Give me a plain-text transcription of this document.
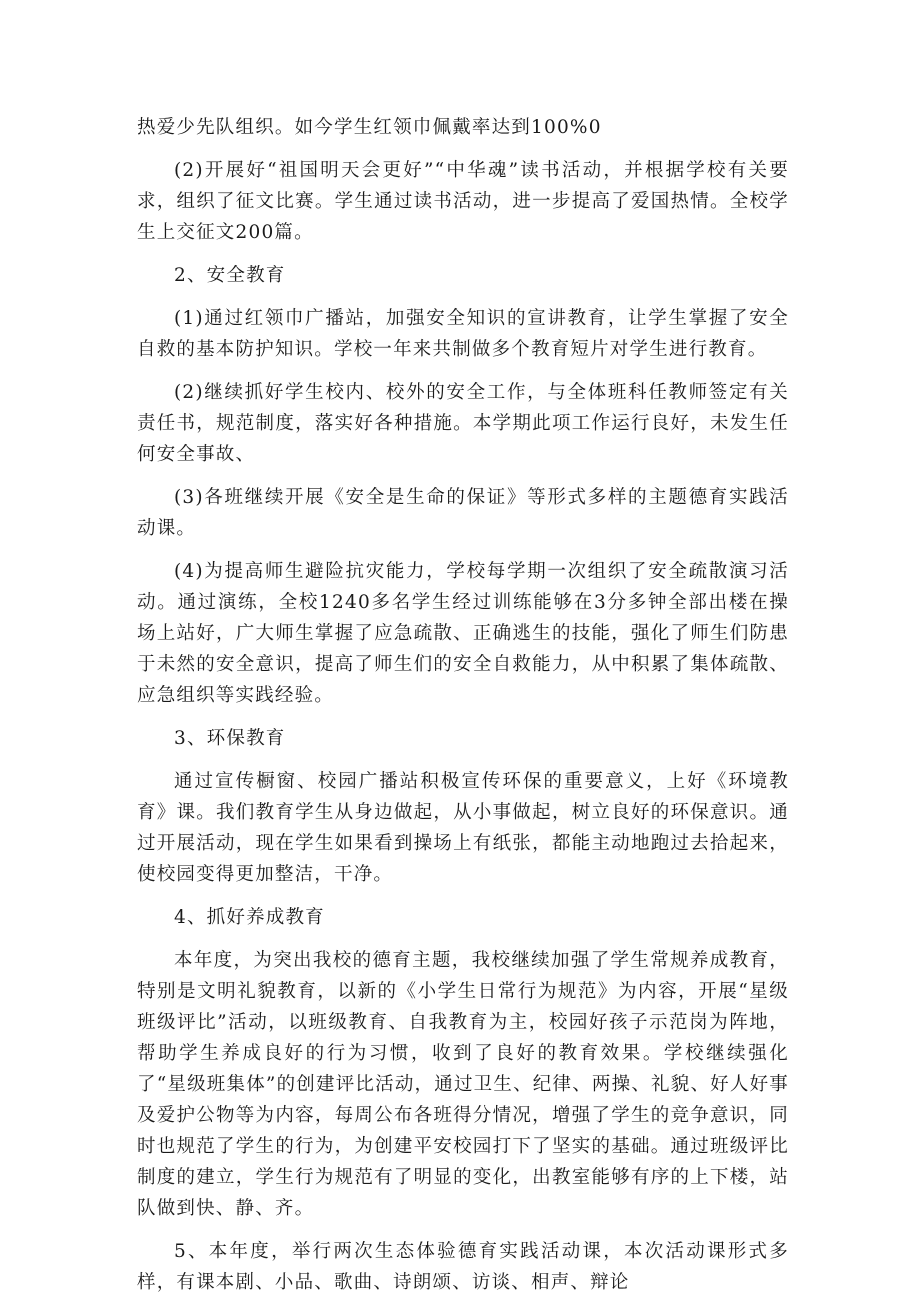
热爱少先队组织。如今学生红领巾佩戴率达到100%0

(2)开展好“祖国明天会更好”“中华魂”读书活动，并根据学校有关要求，组织了征文比赛。学生通过读书活动，进一步提高了爱国热情。全校学生上交征文200篇。

2、安全教育

(1)通过红领巾广播站，加强安全知识的宣讲教育，让学生掌握了安全自救的基本防护知识。学校一年来共制做多个教育短片对学生进行教育。

(2)继续抓好学生校内、校外的安全工作，与全体班科任教师签定有关责任书，规范制度，落实好各种措施。本学期此项工作运行良好，未发生任何安全事故、

(3)各班继续开展《安全是生命的保证》等形式多样的主题德育实践活动课。

(4)为提高师生避险抗灾能力，学校每学期一次组织了安全疏散演习活动。通过演练，全校1240多名学生经过训练能够在3分多钟全部出楼在操场上站好，广大师生掌握了应急疏散、正确逃生的技能，强化了师生们防患于未然的安全意识，提高了师生们的安全自救能力，从中积累了集体疏散、应急组织等实践经验。

3、环保教育

通过宣传橱窗、校园广播站积极宣传环保的重要意义，上好《环境教育》课。我们教育学生从身边做起，从小事做起，树立良好的环保意识。通过开展活动，现在学生如果看到操场上有纸张，都能主动地跑过去拾起来，使校园变得更加整洁，干净。

4、抓好养成教育

本年度，为突出我校的德育主题，我校继续加强了学生常规养成教育，特别是文明礼貌教育，以新的《小学生日常行为规范》为内容，开展“星级班级评比”活动，以班级教育、自我教育为主，校园好孩子示范岗为阵地，帮助学生养成良好的行为习惯，收到了良好的教育效果。学校继续强化了“星级班集体”的创建评比活动，通过卫生、纪律、两操、礼貌、好人好事及爱护公物等为内容，每周公布各班得分情况，增强了学生的竞争意识，同时也规范了学生的行为，为创建平安校园打下了坚实的基础。通过班级评比制度的建立，学生行为规范有了明显的变化，出教室能够有序的上下楼，站队做到快、静、齐。

5、本年度，举行两次生态体验德育实践活动课，本次活动课形式多样，有课本剧、小品、歌曲、诗朗颂、访谈、相声、辩论
